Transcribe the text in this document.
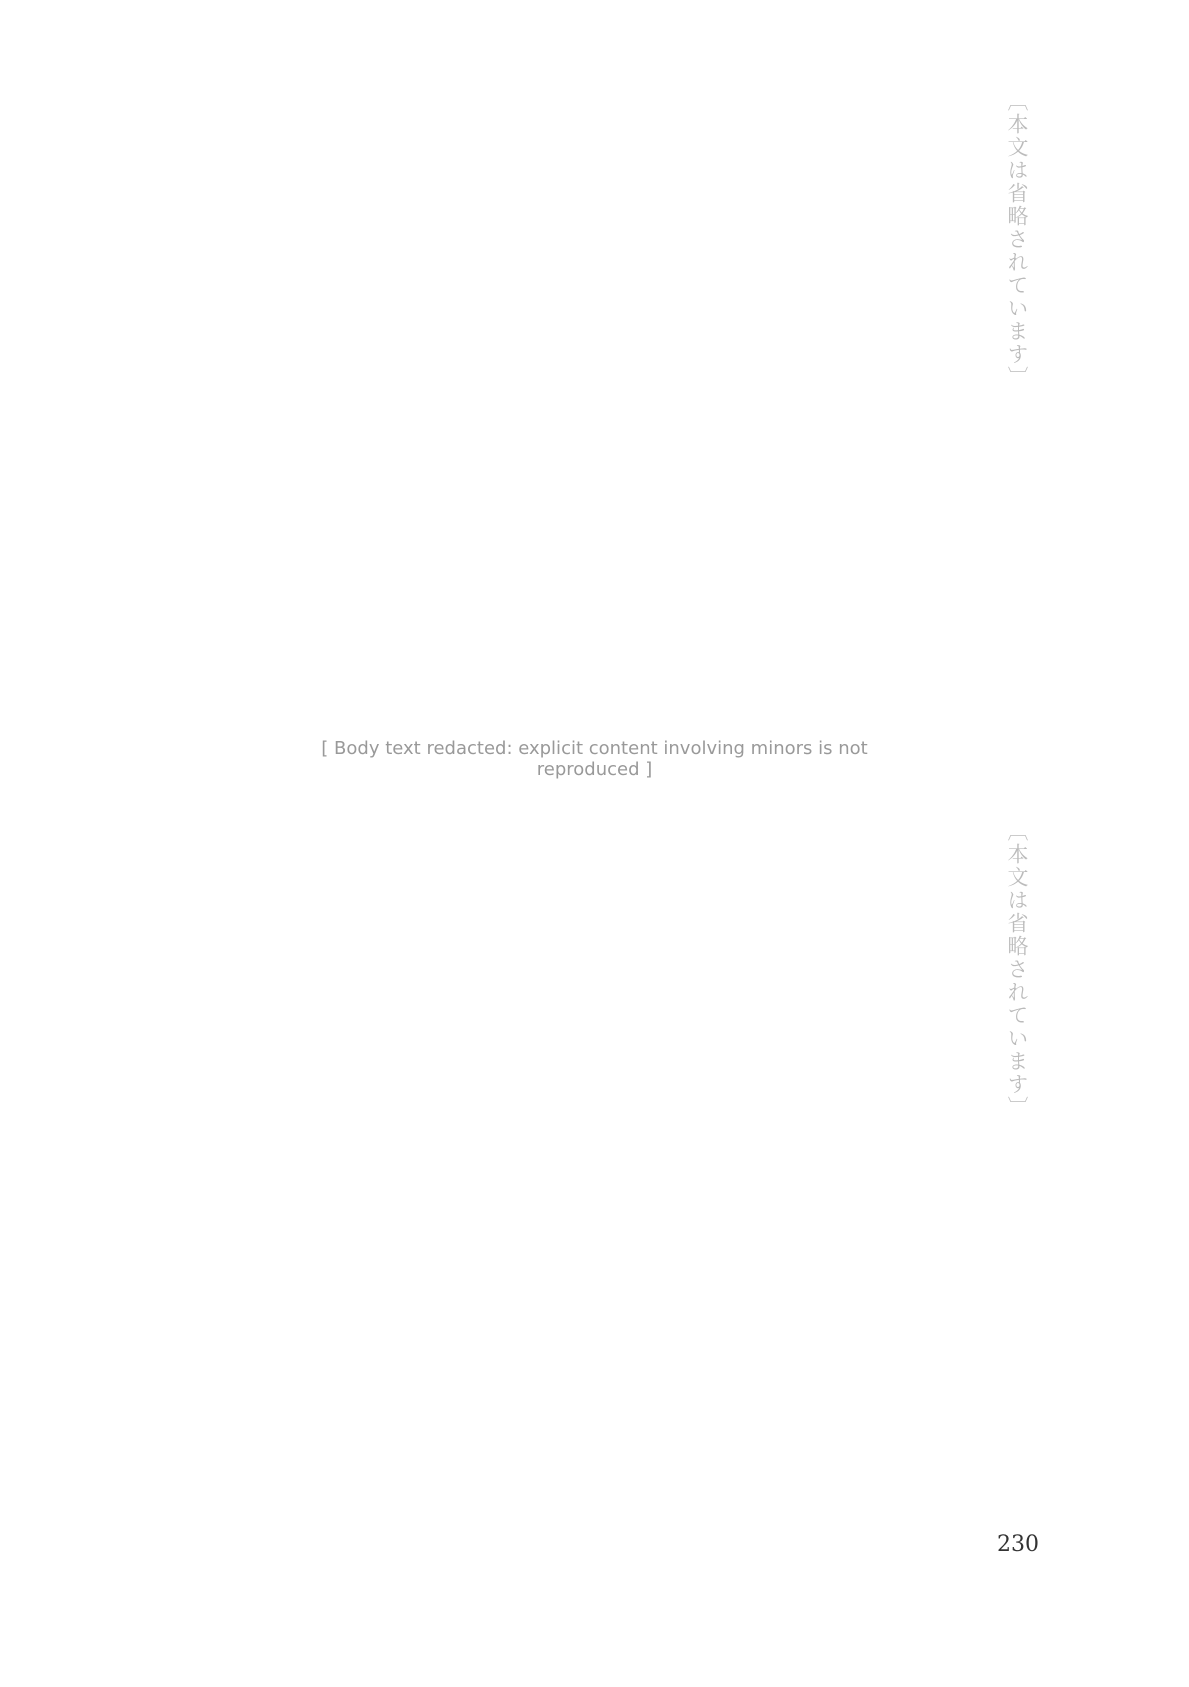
〔本文は省略されています〕
〔本文は省略されています〕
[ Body text redacted: explicit content involving minors is not reproduced ]
230
